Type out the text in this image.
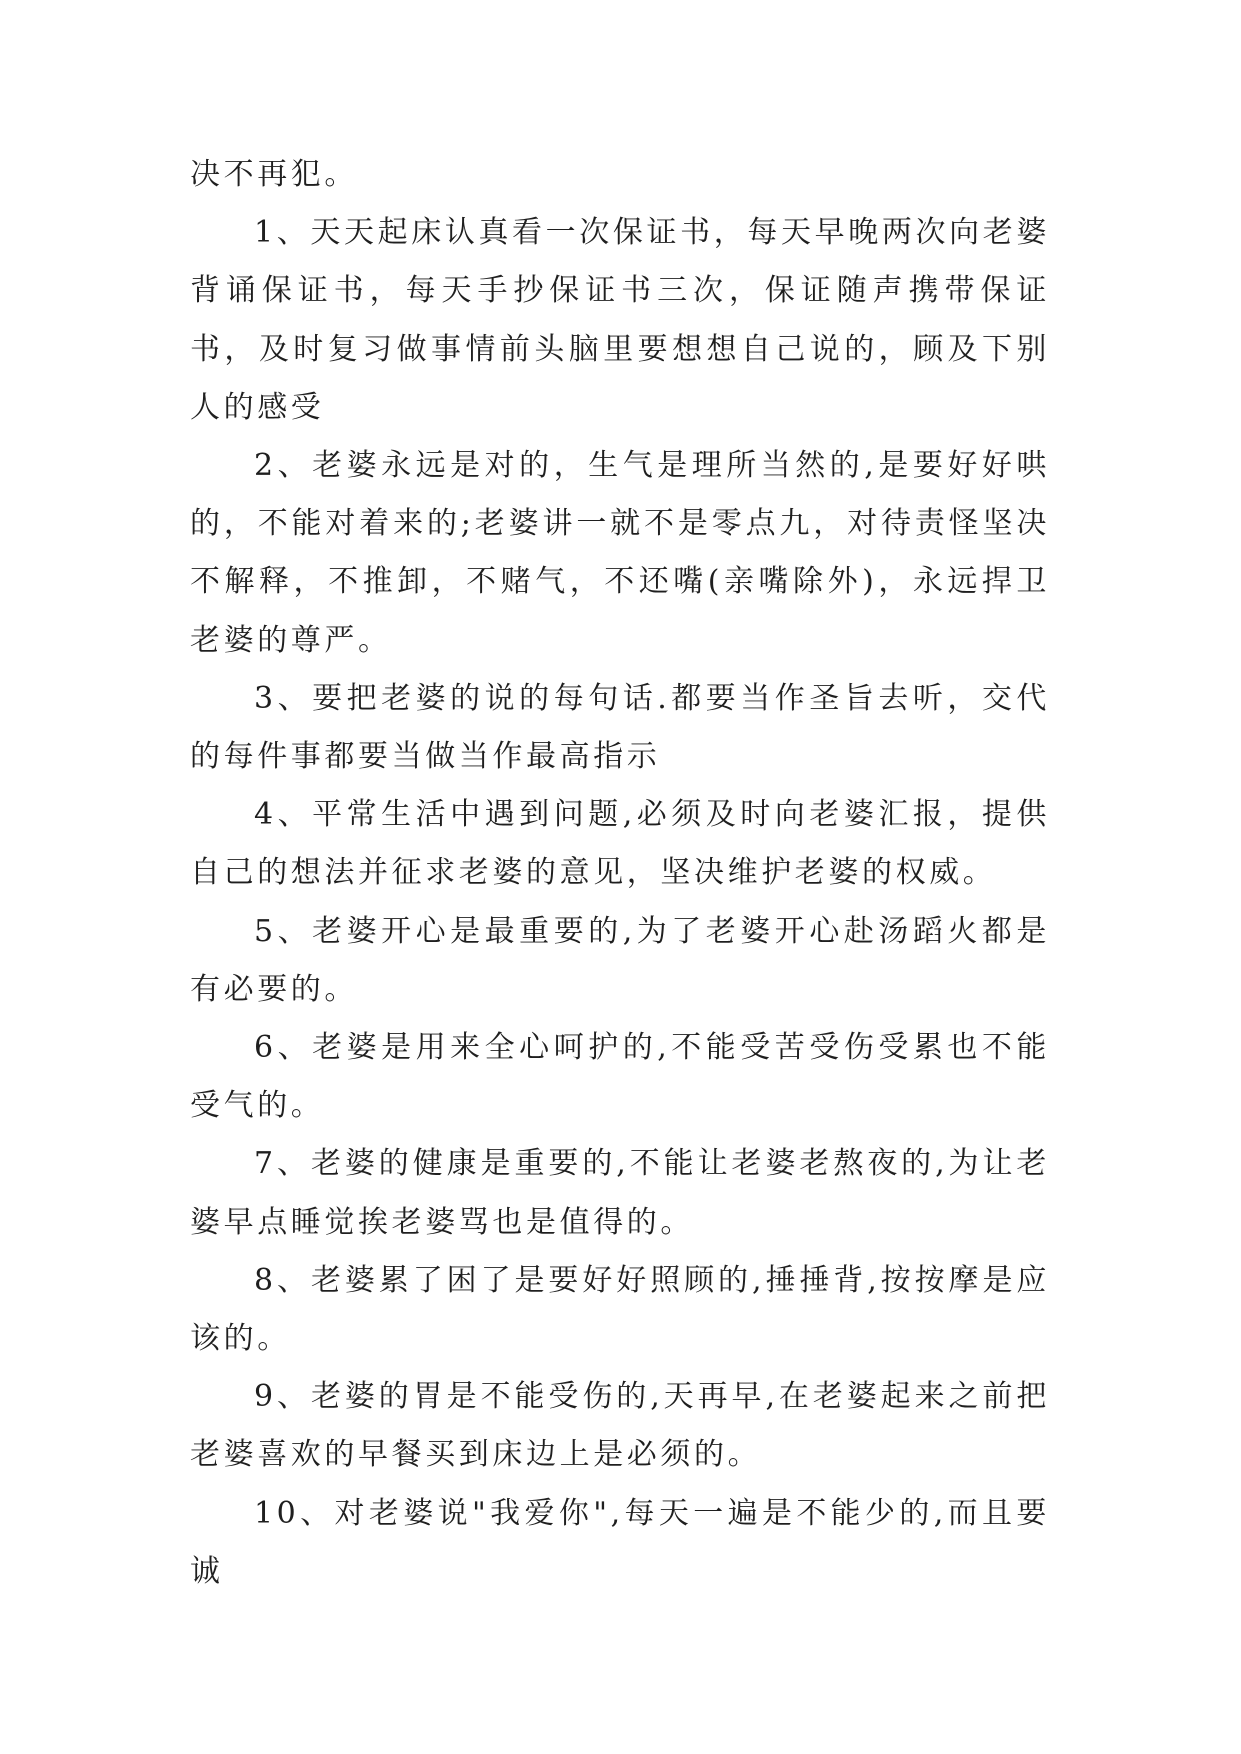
决不再犯。

1、天天起床认真看一次保证书，每天早晚两次向老婆背诵保证书，每天手抄保证书三次，保证随声携带保证书，及时复习做事情前头脑里要想想自己说的，顾及下别人的感受

2、老婆永远是对的，生气是理所当然的,是要好好哄的，不能对着来的;老婆讲一就不是零点九，对待责怪坚决不解释，不推卸，不赌气，不还嘴(亲嘴除外)，永远捍卫老婆的尊严。

3、要把老婆的说的每句话.都要当作圣旨去听，交代的每件事都要当做当作最高指示

4、平常生活中遇到问题,必须及时向老婆汇报，提供自己的想法并征求老婆的意见，坚决维护老婆的权威。

5、老婆开心是最重要的,为了老婆开心赴汤蹈火都是有必要的。

6、老婆是用来全心呵护的,不能受苦受伤受累也不能受气的。

7、老婆的健康是重要的,不能让老婆老熬夜的,为让老婆早点睡觉挨老婆骂也是值得的。

8、老婆累了困了是要好好照顾的,捶捶背,按按摩是应该的。

9、老婆的胃是不能受伤的,天再早,在老婆起来之前把老婆喜欢的早餐买到床边上是必须的。

10、对老婆说"我爱你",每天一遍是不能少的,而且要诚
